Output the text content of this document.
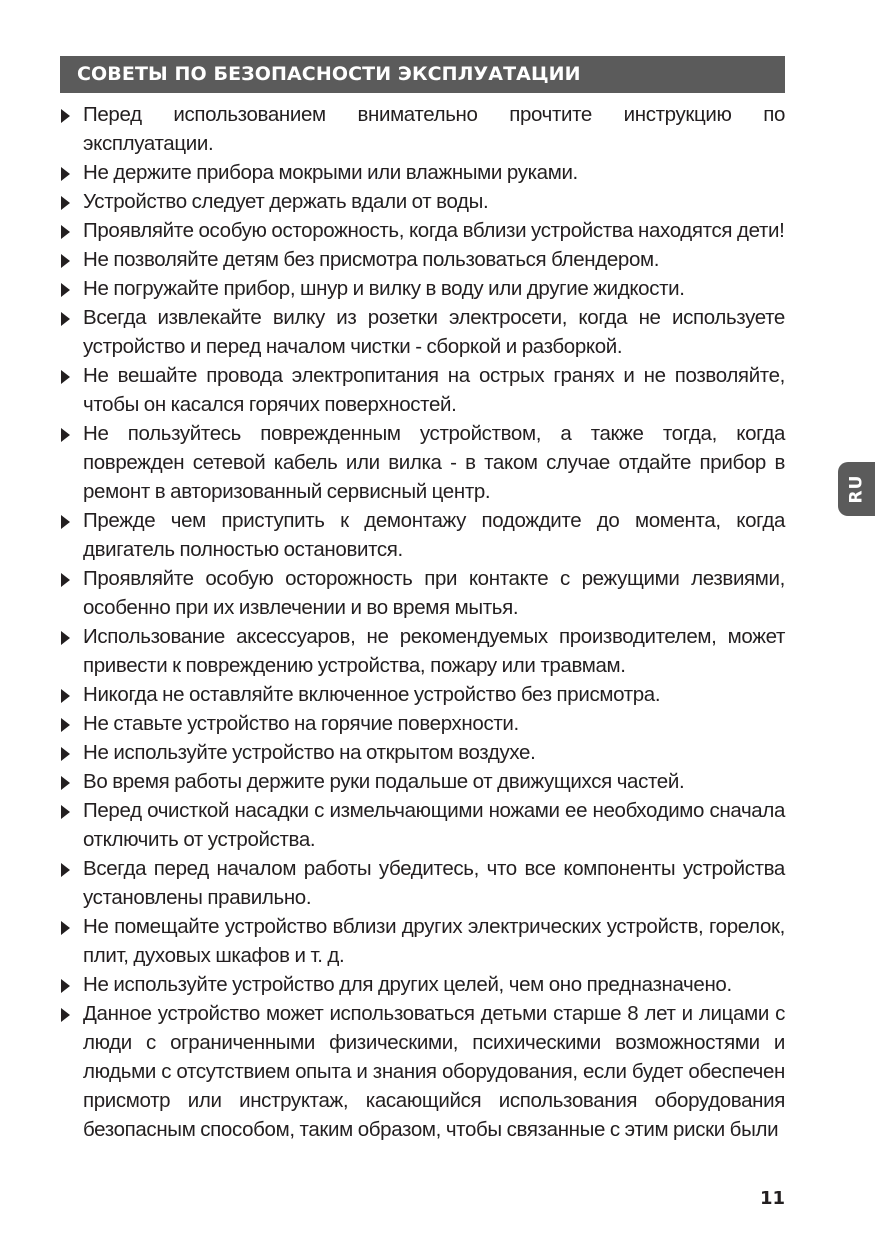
СОВЕТЫ ПО БЕЗОПАСНОСТИ ЭКСПЛУАТАЦИИ
Перед использованием внимательно прочтите инструкцию по эксплуатации.
Не держите прибора мокрыми или влажными руками.
Устройство следует держать вдали от воды.
Проявляйте особую осторожность, когда вблизи устройства находятся дети!
Не позволяйте детям без присмотра пользоваться блендером.
Не погружайте прибор, шнур и вилку в воду или другие жидкости.
Всегда извлекайте вилку из розетки электросети, когда не используете устройство и перед началом чистки - сборкой и разборкой.
Не вешайте провода электропитания на острых гранях и не позволяйте, чтобы он касался горячих поверхностей.
Не пользуйтесь поврежденным устройством, а также тогда, когда поврежден сетевой кабель или вилка - в таком случае отдайте прибор в ремонт в авторизованный сервисный центр.
Прежде чем приступить к демонтажу подождите до момента, когда двигатель полностью остановится.
Проявляйте особую осторожность при контакте с режущими лезвиями, особенно при их извлечении и во время мытья.
Использование аксессуаров, не рекомендуемых производителем, может привести к повреждению устройства, пожару или травмам.
Никогда не оставляйте включенное устройство без присмотра.
Не ставьте устройство на горячие поверхности.
Не используйте устройство на открытом воздухе.
Во время работы держите руки подальше от движущихся частей.
Перед очисткой насадки с измельчающими ножами ее необходимо сначала отключить от устройства.
Всегда перед началом работы убедитесь, что все компоненты устройства установлены правильно.
Не помещайте устройство вблизи других электрических устройств, горелок, плит, духовых шкафов и т. д.
Не используйте устройство для других целей, чем оно предназначено.
Данное устройство может использоваться детьми старше 8 лет и лицами с люди с ограниченными физическими, психическими возможностями и людьми с отсутствием опыта и знания оборудования, если будет обеспечен присмотр или инструктаж, касающийся использования оборудования безопасным способом, таким образом, чтобы связанные с этим риски были
RU
11
